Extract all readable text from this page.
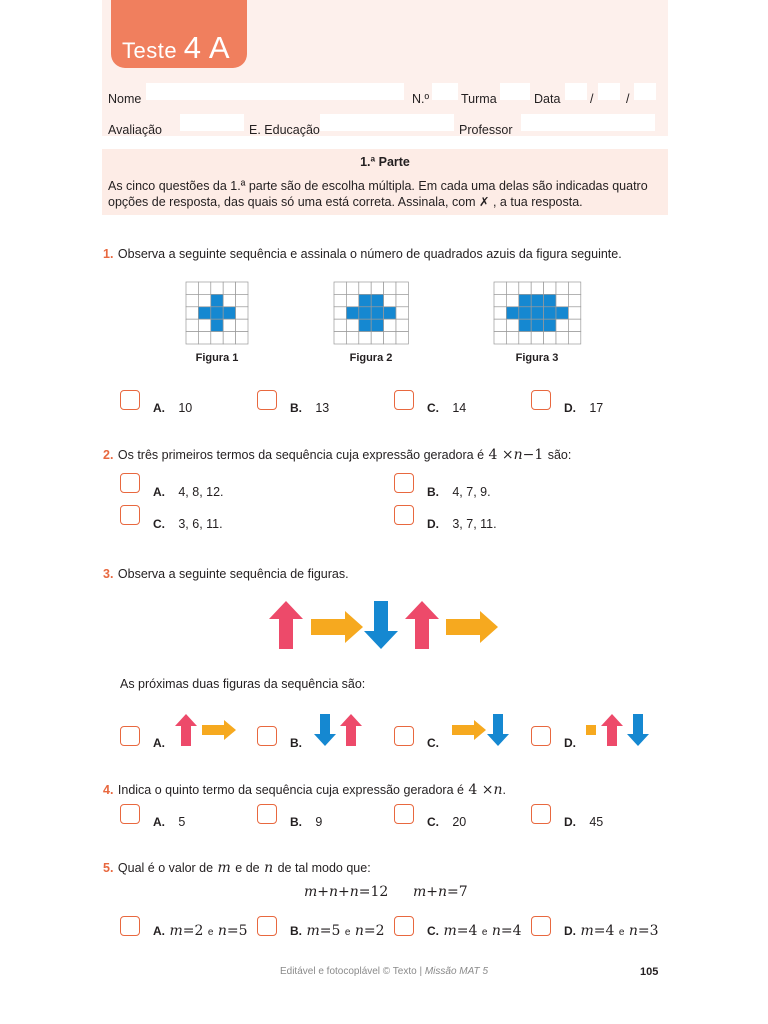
Teste 4 A
Nome	N.º	Turma	Data /	/
Avaliação	E. Educação	Professor
1.ª Parte
As cinco questões da 1.ª parte são de escolha múltipla. Em cada uma delas são indicadas quatro opções de resposta, das quais só uma está correta. Assinala, com ✗ , a tua resposta.
1. Observa a seguinte sequência e assinala o número de quadrados azuis da figura seguinte.
Figura 1	Figura 2	Figura 3
A. 10	B. 13	C. 14	D. 17
2. Os três primeiros termos da sequência cuja expressão geradora é 4 ×𝑛−1 são:
A. 4, 8, 12.	B. 4, 7, 9.
C. 3, 6, 11.	D. 3, 7, 11.
3. Observa a seguinte sequência de figuras.
As próximas duas figuras da sequência são:
A.	B.	C.	D.
4. Indica o quinto termo da sequência cuja expressão geradora é 4 ×𝑛.
A. 5	B. 9	C. 20	D. 45
5. Qual é o valor de 𝑚 e de 𝑛 de tal modo que:
𝑚+𝑛+𝑛=12 𝑚+𝑛=7
A. 𝑚=2 e 𝑛=5	B. 𝑚=5 e 𝑛=2	C. 𝑚=4 e 𝑛=4	D. 𝑚=4 e 𝑛=3
Editável e fotocoplável © Texto | Missão MAT 5	105
